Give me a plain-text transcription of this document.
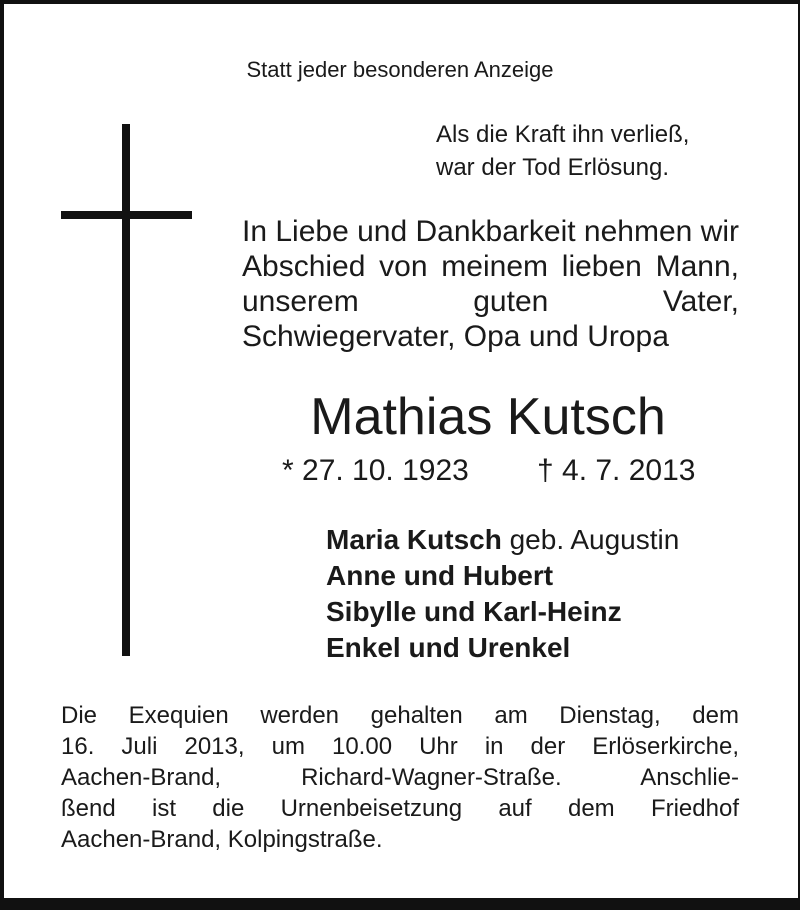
Statt jeder besonderen Anzeige
Als die Kraft ihn verließ,
war der Tod Erlösung.
In Liebe und Dankbarkeit nehmen wir Abschied von meinem lieben Mann, unserem guten Vater, Schwiegervater, Opa und Uropa
Mathias Kutsch
* 27. 10. 1923 † 4. 7. 2013
Maria Kutsch geb. Augustin
Anne und Hubert
Sibylle und Karl-Heinz
Enkel und Urenkel
Die Exequien werden gehalten am Dienstag, dem
16. Juli 2013, um 10.00 Uhr in der Erlöserkirche,
Aachen-Brand, Richard-Wagner-Straße. Anschlie-
ßend ist die Urnenbeisetzung auf dem Friedhof
Aachen-Brand, Kolpingstraße.
